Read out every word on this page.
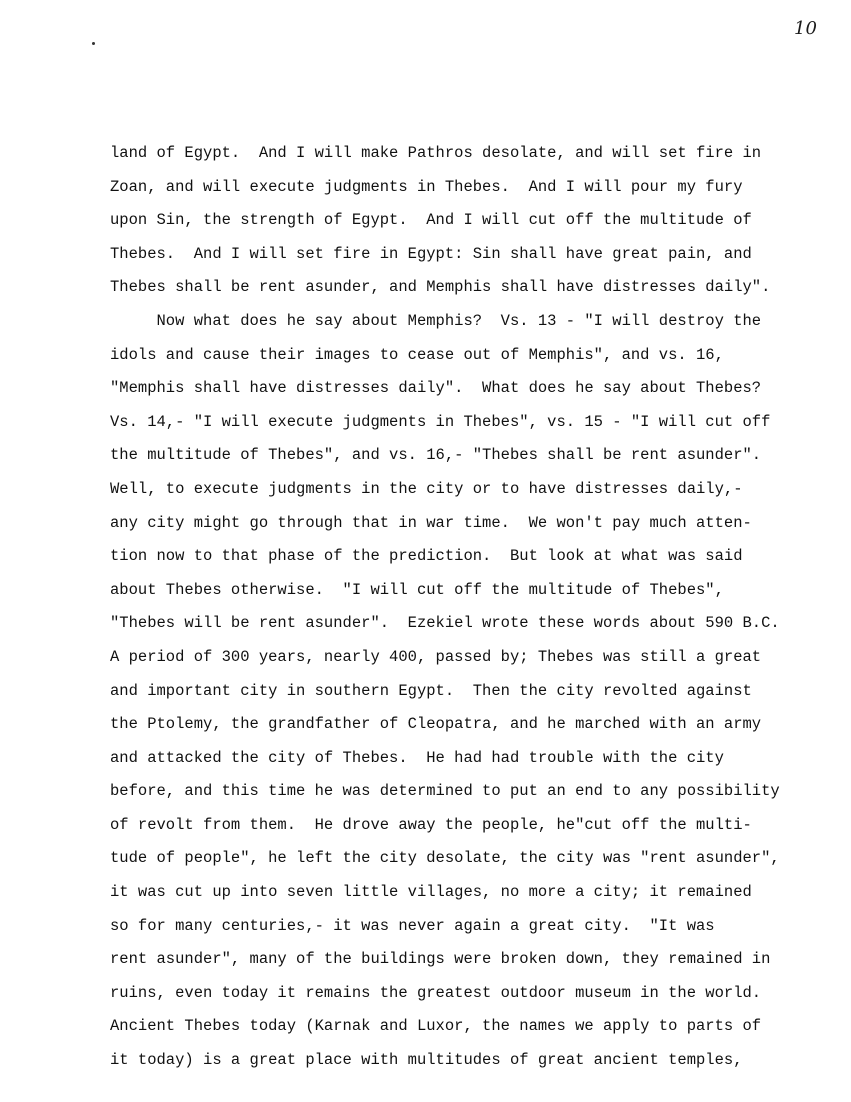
10
land of Egypt.  And I will make Pathros desolate, and will set fire in
Zoan, and will execute judgments in Thebes.  And I will pour my fury
upon Sin, the strength of Egypt.  And I will cut off the multitude of
Thebes.  And I will set fire in Egypt: Sin shall have great pain, and
Thebes shall be rent asunder, and Memphis shall have distresses daily".
Now what does he say about Memphis?  Vs. 13 - "I will destroy the
idols and cause their images to cease out of Memphis", and vs. 16,
"Memphis shall have distresses daily".  What does he say about Thebes?
Vs. 14,- "I will execute judgments in Thebes", vs. 15 - "I will cut off
the multitude of Thebes", and vs. 16,- "Thebes shall be rent asunder".
Well, to execute judgments in the city or to have distresses daily,-
any city might go through that in war time.  We won't pay much atten-
tion now to that phase of the prediction.  But look at what was said
about Thebes otherwise.  "I will cut off the multitude of Thebes",
"Thebes will be rent asunder".  Ezekiel wrote these words about 590 B.C.
A period of 300 years, nearly 400, passed by; Thebes was still a great
and important city in southern Egypt.  Then the city revolted against
the Ptolemy, the grandfather of Cleopatra, and he marched with an army
and attacked the city of Thebes.  He had had trouble with the city
before, and this time he was determined to put an end to any possibility
of revolt from them.  He drove away the people, he"cut off the multi-
tude of people", he left the city desolate, the city was "rent asunder",
it was cut up into seven little villages, no more a city; it remained
so for many centuries,- it was never again a great city.  "It was
rent asunder", many of the buildings were broken down, they remained in
ruins, even today it remains the greatest outdoor museum in the world.
Ancient Thebes today (Karnak and Luxor, the names we apply to parts of
it today) is a great place with multitudes of great ancient temples,
